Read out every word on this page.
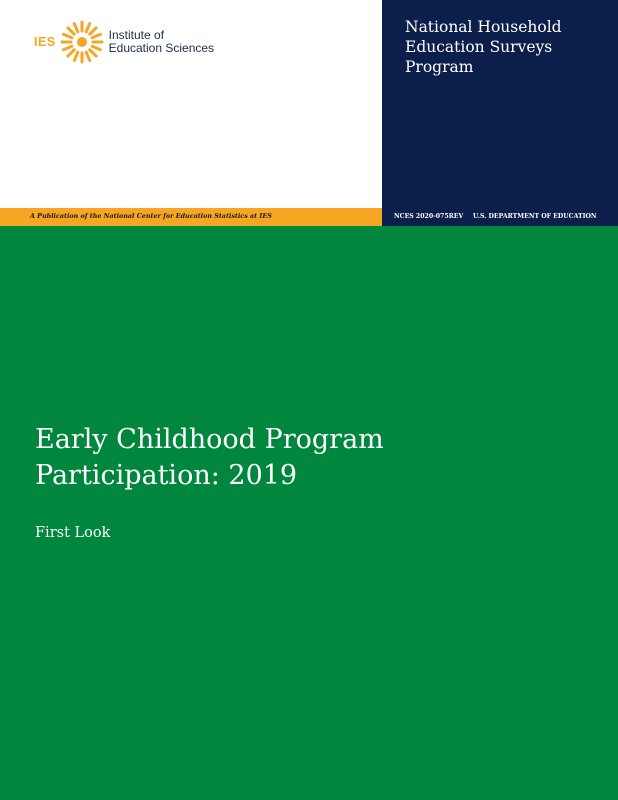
IES	Institute of
Education Sciences
National Household Education Surveys Program
A Publication of the National Center for Education Statistics at IES	NCES 2020-075REV U.S. DEPARTMENT OF EDUCATION
Early Childhood Program
Participation: 2019
First Look
